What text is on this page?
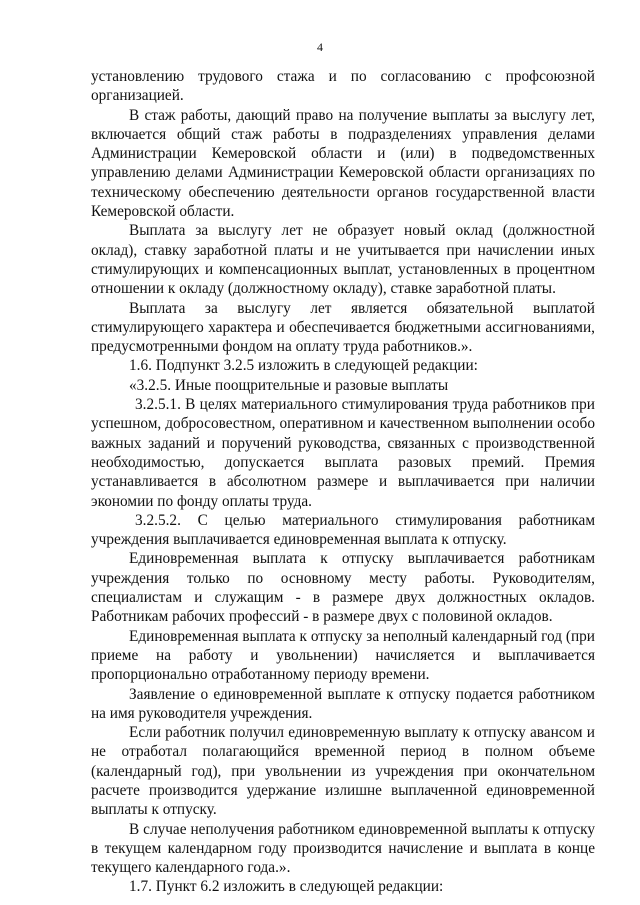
4

установлению трудового стажа и по согласованию с профсоюзной организацией.

В стаж работы, дающий право на получение выплаты за выслугу лет, включается общий стаж работы в подразделениях управления делами Администрации Кемеровской области и (или) в подведомственных управлению делами Администрации Кемеровской области организациях по техническому обеспечению деятельности органов государственной власти Кемеровской области.

Выплата за выслугу лет не образует новый оклад (должностной оклад), ставку заработной платы и не учитывается при начислении иных стимулирующих и компенсационных выплат, установленных в процентном отношении к окладу (должностному окладу), ставке заработной платы.

Выплата за выслугу лет является обязательной выплатой стимулирующего характера и обеспечивается бюджетными ассигнованиями, предусмотренными фондом на оплату труда работников.».

1.6. Подпункт 3.2.5 изложить в следующей редакции:

«3.2.5. Иные поощрительные и разовые выплаты

3.2.5.1. В целях материального стимулирования труда работников при успешном, добросовестном, оперативном и качественном выполнении особо важных заданий и поручений руководства, связанных с производственной необходимостью, допускается выплата разовых премий. Премия устанавливается в абсолютном размере и выплачивается при наличии экономии по фонду оплаты труда.

3.2.5.2. С целью материального стимулирования работникам учреждения выплачивается единовременная выплата к отпуску.

Единовременная выплата к отпуску выплачивается работникам учреждения только по основному месту работы. Руководителям, специалистам и служащим - в размере двух должностных окладов. Работникам рабочих профессий - в размере двух с половиной окладов.

Единовременная выплата к отпуску за неполный календарный год (при приеме на работу и увольнении) начисляется и выплачивается пропорционально отработанному периоду времени.

Заявление о единовременной выплате к отпуску подается работником на имя руководителя учреждения.

Если работник получил единовременную выплату к отпуску авансом и не отработал полагающийся временной период в полном объеме (календарный год), при увольнении из учреждения при окончательном расчете производится удержание излишне выплаченной единовременной выплаты к отпуску.

В случае неполучения работником единовременной выплаты к отпуску в текущем календарном году производится начисление и выплата в конце текущего календарного года.».

1.7. Пункт 6.2 изложить в следующей редакции:
